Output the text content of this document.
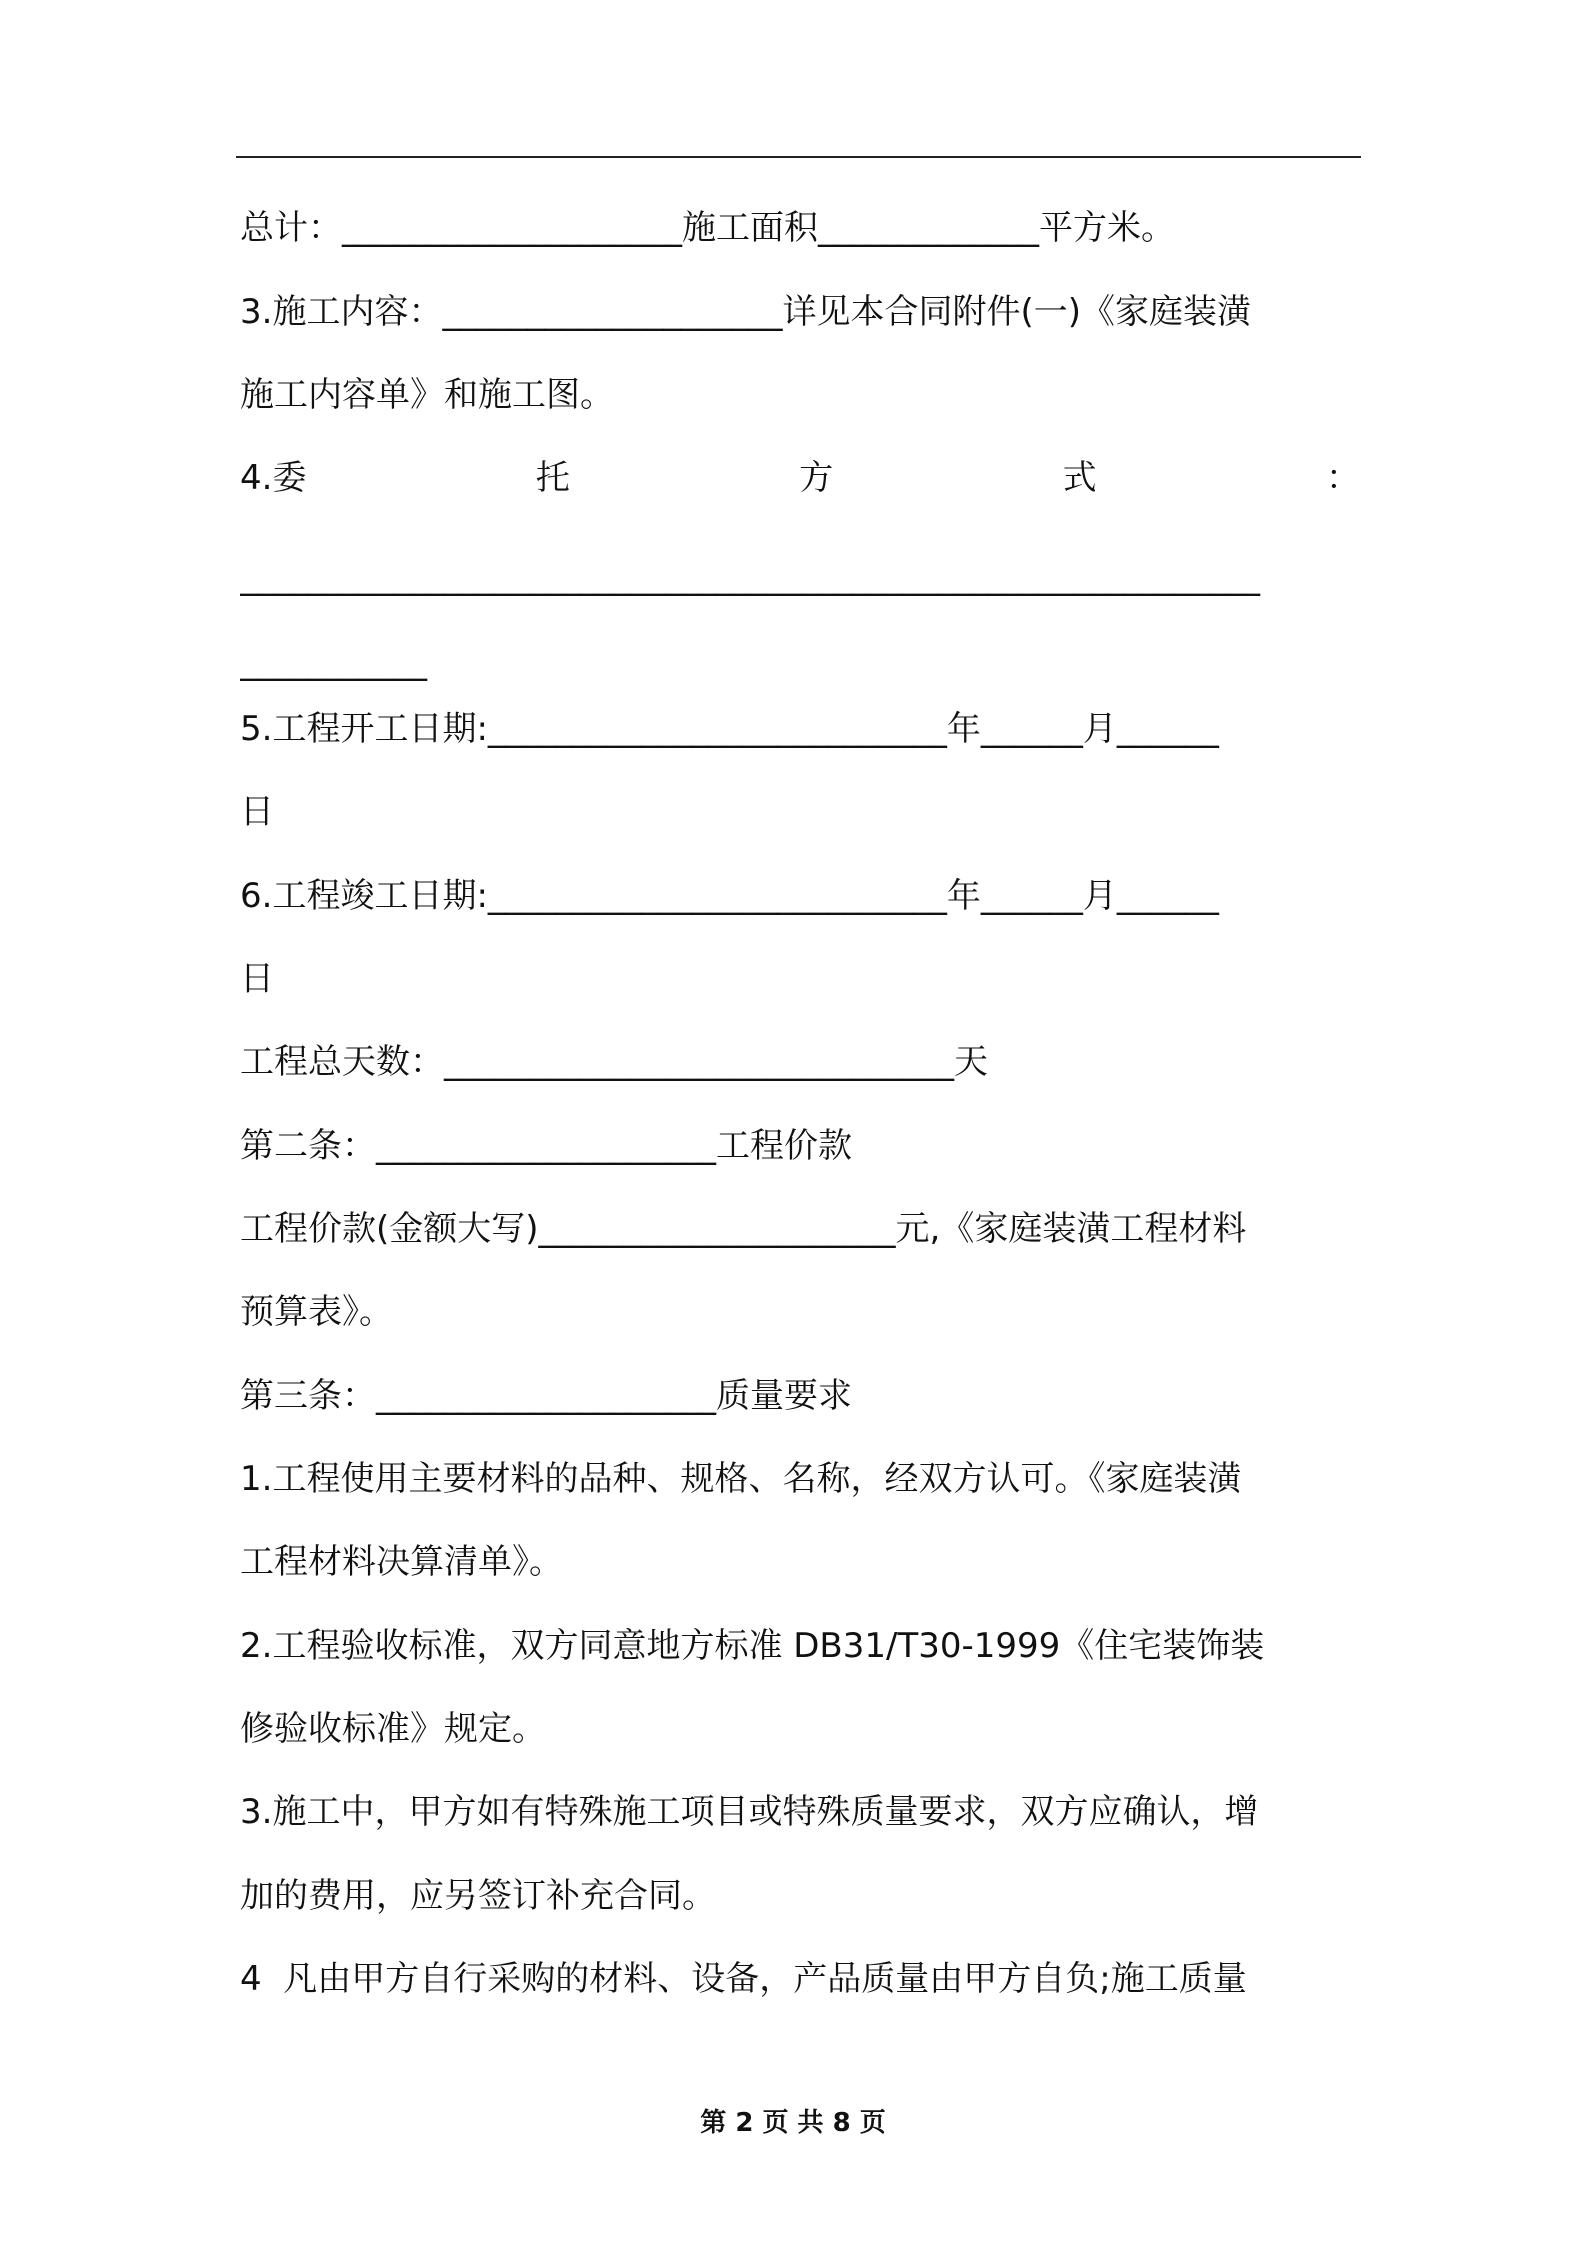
总计：____________________施工面积_____________平方米。
3.施工内容：____________________详见本合同附件(一)《家庭装潢
施工内容单》和施工图。
4.委	托	方	式	：
____________________________________________________________
___________
5.工程开工日期:___________________________年______月______
日
6.工程竣工日期:___________________________年______月______
日
工程总天数：______________________________天
第二条：____________________工程价款
工程价款(金额大写)_____________________元,《家庭装潢工程材料
预算表》。
第三条：____________________质量要求
1.工程使用主要材料的品种、规格、名称，经双方认可。《家庭装潢
工程材料决算清单》。
2.工程验收标准，双方同意地方标准 DB31/T30-1999《住宅装饰装
修验收标准》规定。
3.施工中，甲方如有特殊施工项目或特殊质量要求，双方应确认，增
加的费用，应另签订补充合同。
4  凡由甲方自行采购的材料、设备，产品质量由甲方自负;施工质量
第 2 页 共 8 页
